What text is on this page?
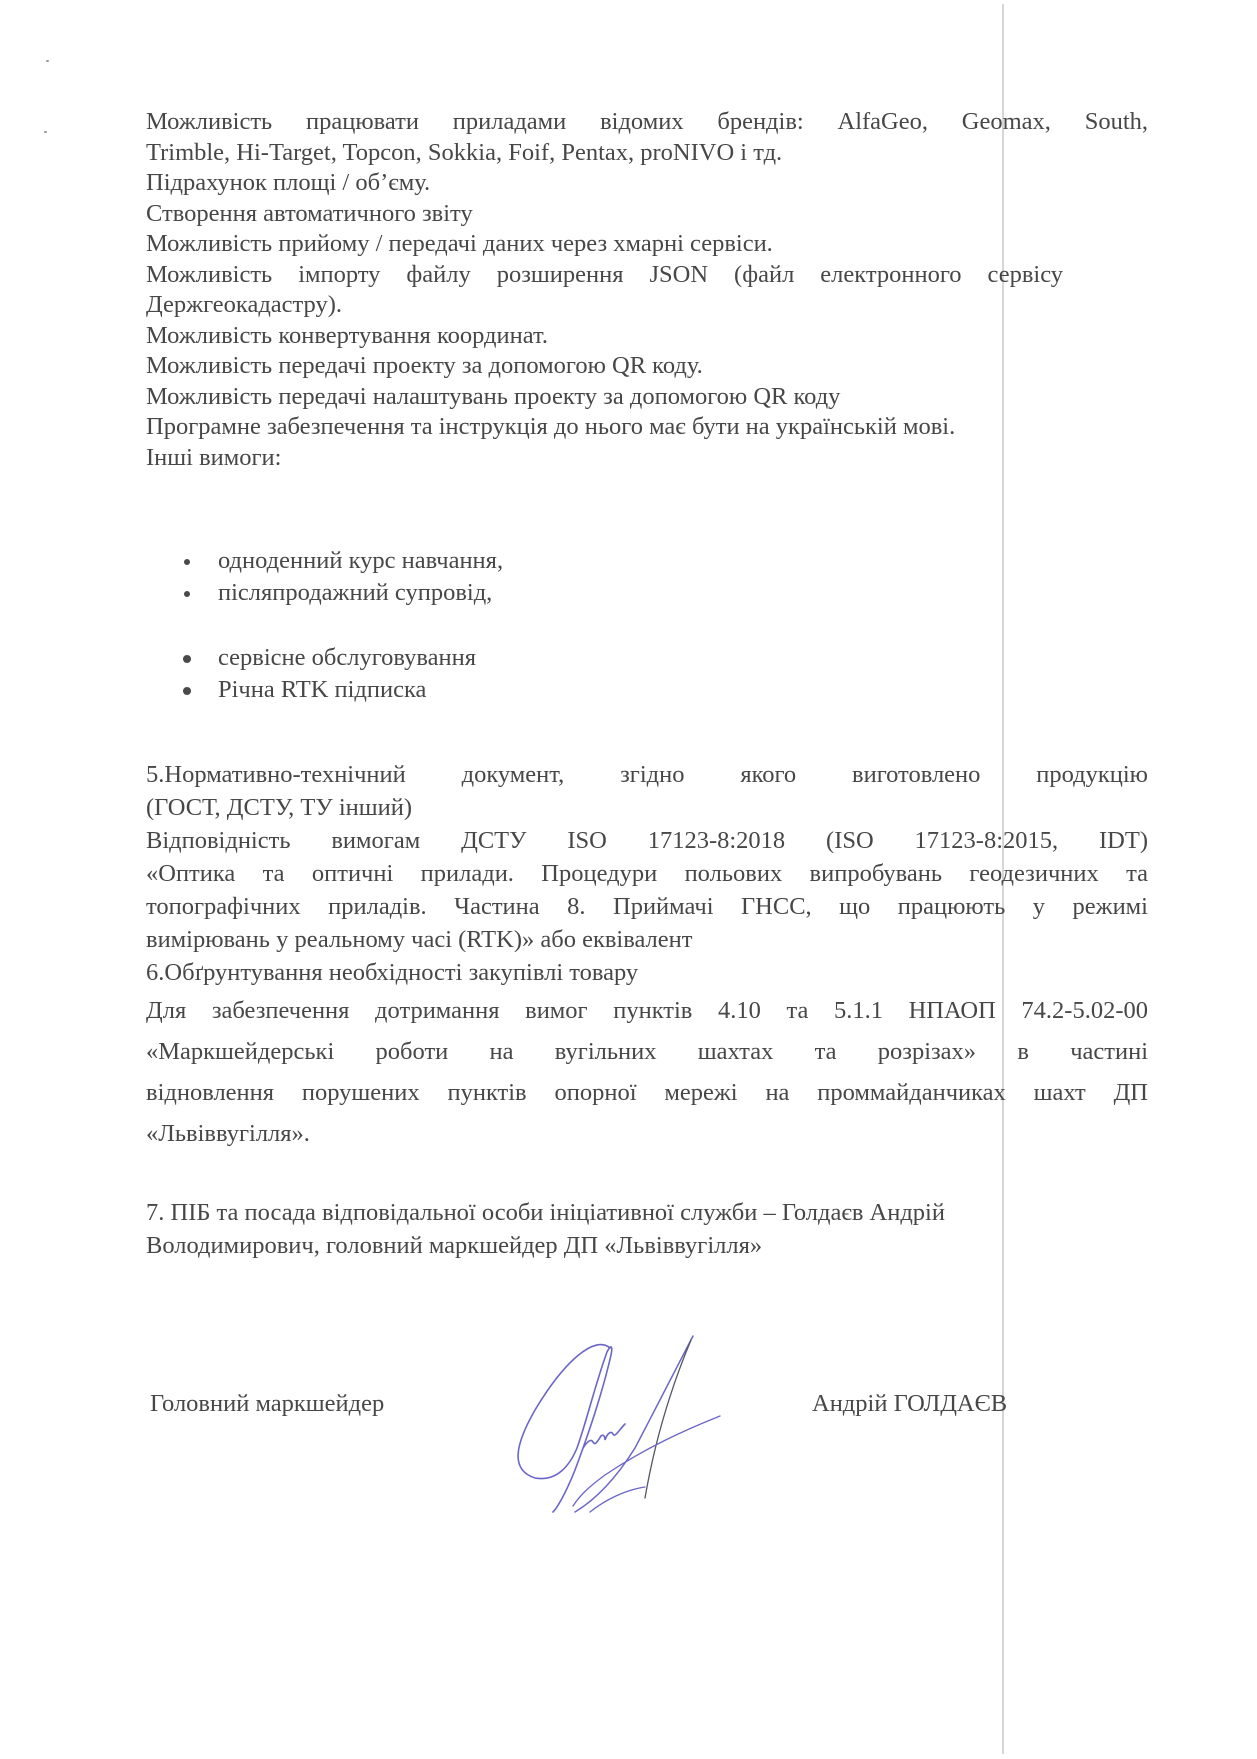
Можливість працювати приладами відомих брендів: AlfaGeo, Geomax, South,
Trimble, Hi-Target, Topcon, Sokkia, Foif, Pentax, proNIVO і тд.
Підрахунок площі / об’єму.
Створення автоматичного звіту
Можливість прийому / передачі даних через хмарні сервіси.
Можливість імпорту файлу розширення JSON (файл електронного сервісу
Держгеокадастру).
Можливість конвертування координат.
Можливість передачі проекту за допомогою QR коду.
Можливість передачі налаштувань проекту за допомогою QR коду
Програмне забезпечення та інструкція до нього має бути на українській мові.
Інші вимоги:
одноденний курс навчання,
післяпродажний супровід,
сервісне обслуговування
Річна RTK підписка
5.Нормативно-технічний документ, згідно якого виготовлено продукцію
(ГОСТ, ДСТУ, ТУ інший)
Відповідність вимогам ДСТУ ISO 17123-8:2018 (ISO 17123-8:2015, IDT)
«Оптика та оптичні прилади. Процедури польових випробувань геодезичних та
топографічних приладів. Частина 8. Приймачі ГНСС, що працюють у режимі
вимірювань у реальному часі (RTK)» або еквівалент
6.Обґрунтування необхідності закупівлі товару
Для забезпечення дотримання вимог пунктів 4.10 та 5.1.1 НПАОП 74.2-5.02-00
«Маркшейдерські роботи на вугільних шахтах та розрізах» в частині
відновлення порушених пунктів опорної мережі на проммайданчиках шахт ДП
«Львіввугілля».
7. ПІБ та посада відповідальної особи ініціативної служби – Голдаєв Андрій
Володимирович, головний маркшейдер ДП «Львіввугілля»
Головний маркшейдер	Андрій ГОЛДАЄВ
